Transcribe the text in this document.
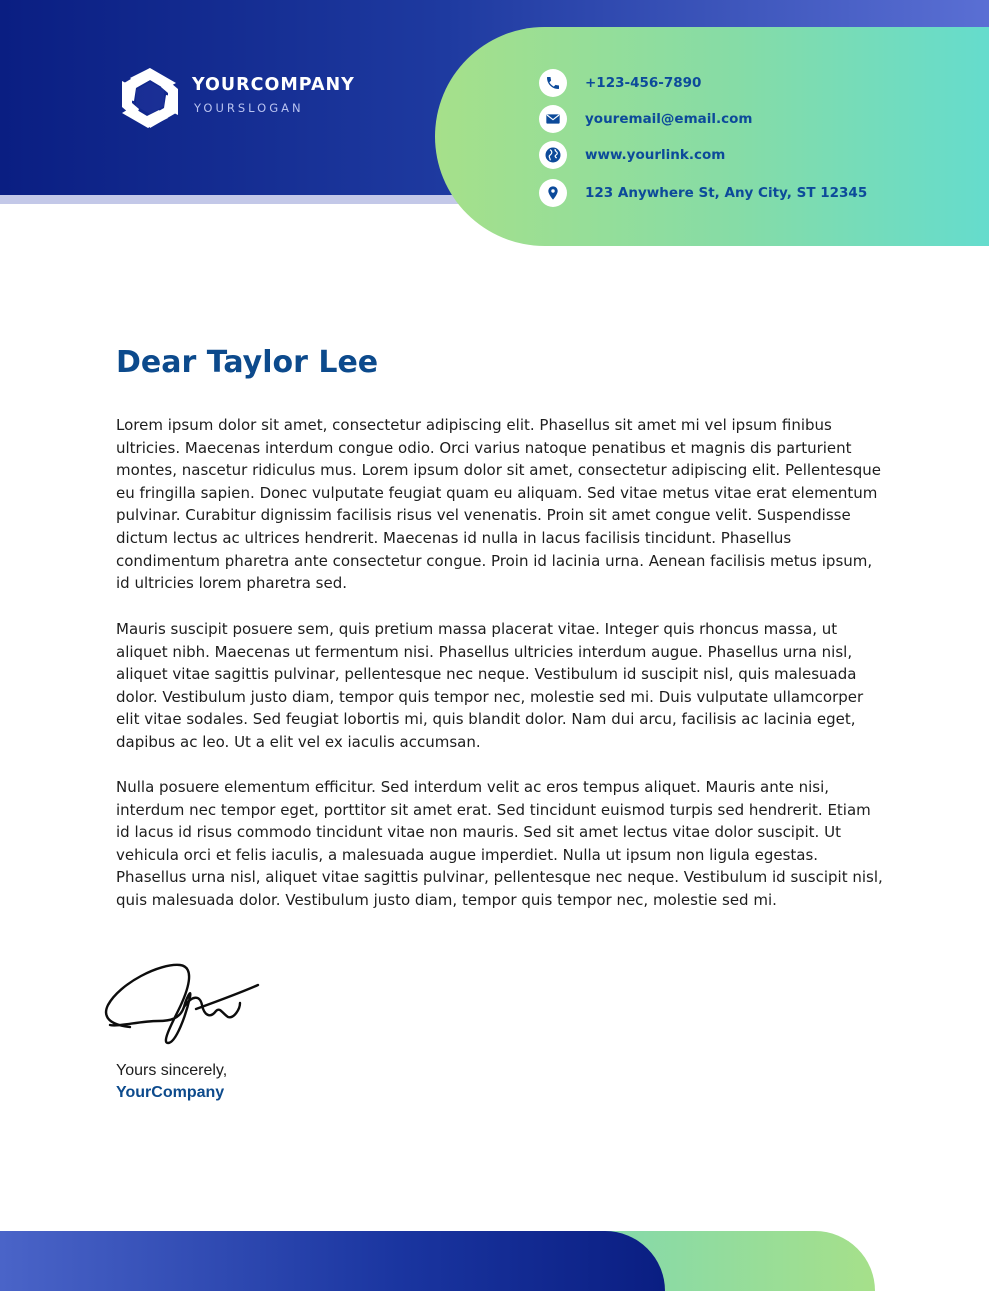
YOURCOMPANY
YOURSLOGAN
+123-456-7890
youremail@email.com
www.yourlink.com
123 Anywhere St, Any City, ST 12345
Dear Taylor Lee

Lorem ipsum dolor sit amet, consectetur adipiscing elit. Phasellus sit amet mi vel ipsum finibus ultricies. Maecenas interdum congue odio. Orci varius natoque penatibus et magnis dis parturient montes, nascetur ridiculus mus. Lorem ipsum dolor sit amet, consectetur adipiscing elit. Pellentesque eu fringilla sapien. Donec vulputate feugiat quam eu aliquam. Sed vitae metus vitae erat elementum pulvinar. Curabitur dignissim facilisis risus vel venenatis. Proin sit amet congue velit. Suspendisse dictum lectus ac ultrices hendrerit. Maecenas id nulla in lacus facilisis tincidunt. Phasellus condimentum pharetra ante consectetur congue. Proin id lacinia urna. Aenean facilisis metus ipsum, id ultricies lorem pharetra sed.

Mauris suscipit posuere sem, quis pretium massa placerat vitae. Integer quis rhoncus massa, ut aliquet nibh. Maecenas ut fermentum nisi. Phasellus ultricies interdum augue. Phasellus urna nisl, aliquet vitae sagittis pulvinar, pellentesque nec neque. Vestibulum id suscipit nisl, quis malesuada dolor. Vestibulum justo diam, tempor quis tempor nec, molestie sed mi. Duis vulputate ullamcorper elit vitae sodales. Sed feugiat lobortis mi, quis blandit dolor. Nam dui arcu, facilisis ac lacinia eget, dapibus ac leo. Ut a elit vel ex iaculis accumsan.

Nulla posuere elementum efficitur. Sed interdum velit ac eros tempus aliquet. Mauris ante nisi, interdum nec tempor eget, porttitor sit amet erat. Sed tincidunt euismod turpis sed hendrerit. Etiam id lacus id risus commodo tincidunt vitae non mauris. Sed sit amet lectus vitae dolor suscipit. Ut vehicula orci et felis iaculis, a malesuada augue imperdiet. Nulla ut ipsum non ligula egestas. Phasellus urna nisl, aliquet vitae sagittis pulvinar, pellentesque nec neque. Vestibulum id suscipit nisl, quis malesuada dolor. Vestibulum justo diam, tempor quis tempor nec, molestie sed mi.

Yours sincerely,
YourCompany
